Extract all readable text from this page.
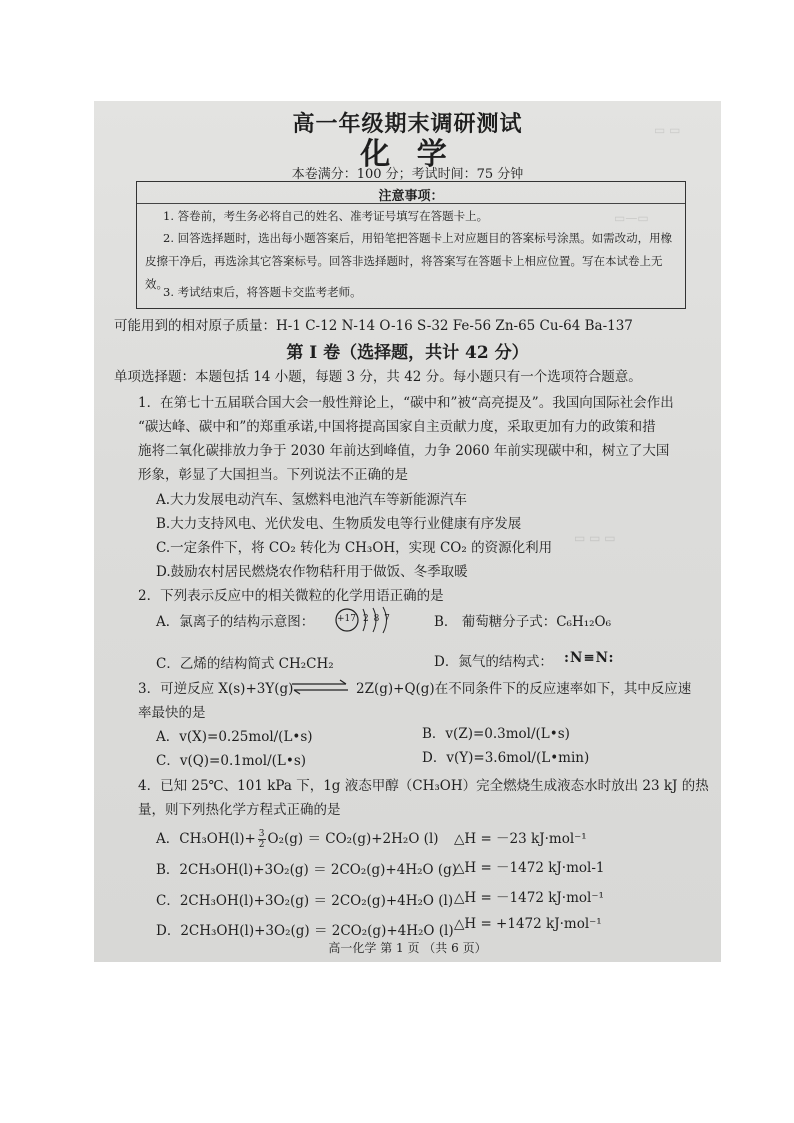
▭ ▭
▭—▭
▭ ▭ ▭
高一年级期末调研测试
化 学
本卷满分：100 分；考试时间：75 分钟
注意事项：
1. 答卷前，考生务必将自己的姓名、准考证号填写在答题卡上。
2. 回答选择题时，选出每小题答案后，用铅笔把答题卡上对应题目的答案标号涂黑。如需改动，用橡皮擦干净后，再选涂其它答案标号。回答非选择题时，将答案写在答题卡上相应位置。写在本试卷上无效。
3. 考试结束后，将答题卡交监考老师。
可能用到的相对原子质量：H-1 C-12 N-14 O-16 S-32 Fe-56 Zn-65 Cu-64 Ba-137
第 I 卷（选择题，共计 42 分）
单项选择题：本题包括 14 小题，每题 3 分，共 42 分。每小题只有一个选项符合题意。
1．在第七十五届联合国大会一般性辩论上，“碳中和”被“高亮提及”。我国向国际社会作出
“碳达峰、碳中和”的郑重承诺,中国将提高国家自主贡献力度，采取更加有力的政策和措
施将二氧化碳排放力争于 2030 年前达到峰值，力争 2060 年前实现碳中和，树立了大国
形象，彰显了大国担当。下列说法不正确的是
A.大力发展电动汽车、氢燃料电池汽车等新能源汽车
B.大力支持风电、光伏发电、生物质发电等行业健康有序发展
C.一定条件下，将 CO₂ 转化为 CH₃OH，实现 CO₂ 的资源化利用
D.鼓励农村居民燃烧农作物秸秆用于做饭、冬季取暖
2．下列表示反应中的相关微粒的化学用语正确的是
A．氯离子的结构示意图：	+17 2 8 7	B． 葡萄糖分子式：C₆H₁₂O₆
C．乙烯的结构简式 CH₂CH₂	D．氮气的结构式： :N≡N:
3．可逆反应 X(s)+3Y(g)	2Z(g)+Q(g)在不同条件下的反应速率如下，其中反应速
率最快的是
A．v(X)=0.25mol/(L•s)	B．v(Z)=0.3mol/(L•s)
C．v(Q)=0.1mol/(L•s)	D．v(Y)=3.6mol/(L•min)
4．已知 25℃、101 kPa 下，1g 液态甲醇（CH₃OH）完全燃烧生成液态水时放出 23 kJ 的热
量，则下列热化学方程式正确的是
A．$CH_3OH(l)+ \frac{3}{2} O_2(g) = CO_2(g)+2H_2O$ (l) △H = －23 kJ·mol⁻¹
B．2CH₃OH(l)+3O₂(g) ＝ 2CO₂(g)+4H₂O (g)
△H = －1472 kJ·mol-1
C．2CH₃OH(l)+3O₂(g) ＝ 2CO₂(g)+4H₂O (l) △H = －1472 kJ·mol⁻¹
D．2CH₃OH(l)+3O₂(g) ＝ 2CO₂(g)+4H₂O (l) △H = +1472 kJ·mol⁻¹
高一化学 第 1 页 （共 6 页）
